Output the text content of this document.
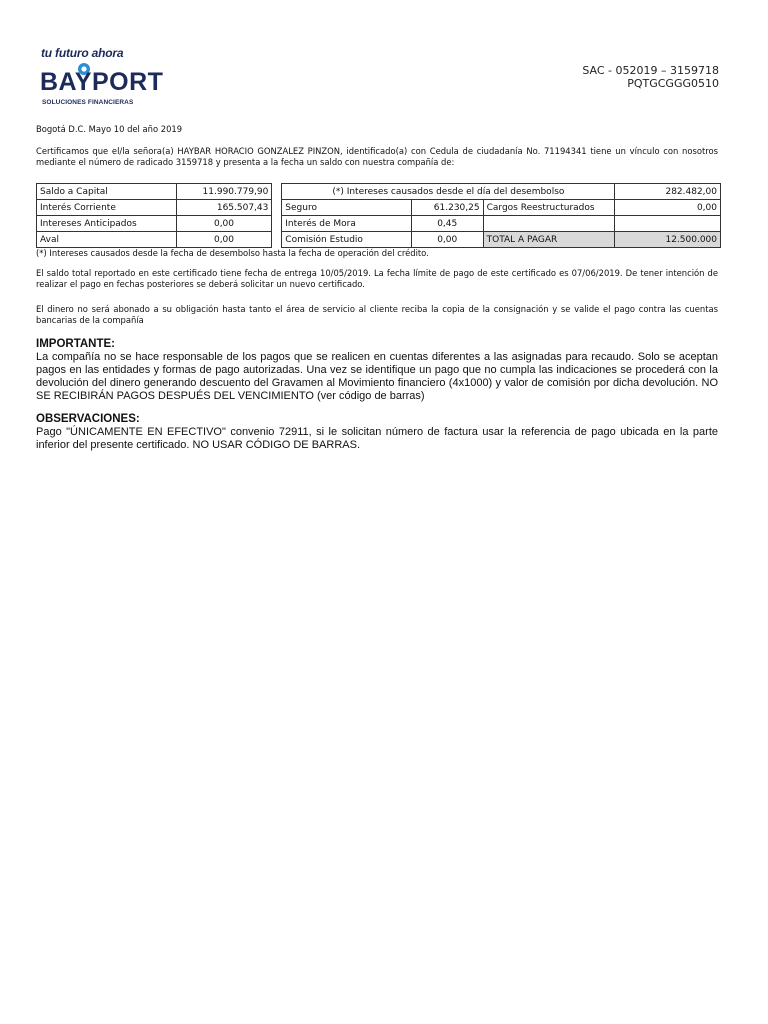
tu futuro ahora
BAYPORT
SOLUCIONES FINANCIERAS
SAC - 052019 – 3159718
PQTGCGGG0510
Bogotá D.C. Mayo 10 del año 2019
Certificamos que el/la señora(a) HAYBAR HORACIO GONZALEZ PINZON, identificado(a) con Cedula de ciudadanía No. 71194341 tiene un vínculo con nosotros mediante el número de radicado 3159718 y presenta a la fecha un saldo con nuestra compañía de:
Saldo a Capital	11.990.779,90		(*) Intereses causados desde el día del desembolso			282.482,00
Interés Corriente	165.507,43		Seguro	61.230,25	Cargos Reestructurados	0,00
Intereses Anticipados	0,00		Interés de Mora	0,45		
Aval	0,00		Comisión Estudio	0,00	TOTAL A PAGAR	12.500.000
(*) Intereses causados desde la fecha de desembolso hasta la fecha de operación del crédito.
El saldo total reportado en este certificado tiene fecha de entrega 10/05/2019. La fecha límite de pago de este certificado es 07/06/2019. De tener intención de realizar el pago en fechas posteriores se deberá solicitar un nuevo certificado.
El dinero no será abonado a su obligación hasta tanto el área de servicio al cliente reciba la copia de la consignación y se valide el pago contra las cuentas bancarias de la compañía
IMPORTANTE:
La compañía no se hace responsable de los pagos que se realicen en cuentas diferentes a las asignadas para recaudo. Solo se aceptan pagos en las entidades y formas de pago autorizadas. Una vez se identifique un pago que no cumpla las indicaciones se procederá con la devolución del dinero generando descuento del Gravamen al Movimiento financiero (4x1000) y valor de comisión por dicha devolución. NO SE RECIBIRÁN PAGOS DESPUÉS DEL VENCIMIENTO (ver código de barras)
OBSERVACIONES:
Pago "ÚNICAMENTE EN EFECTIVO" convenio 72911, si le solicitan número de factura usar la referencia de pago ubicada en la parte inferior del presente certificado. NO USAR CÓDIGO DE BARRAS.
